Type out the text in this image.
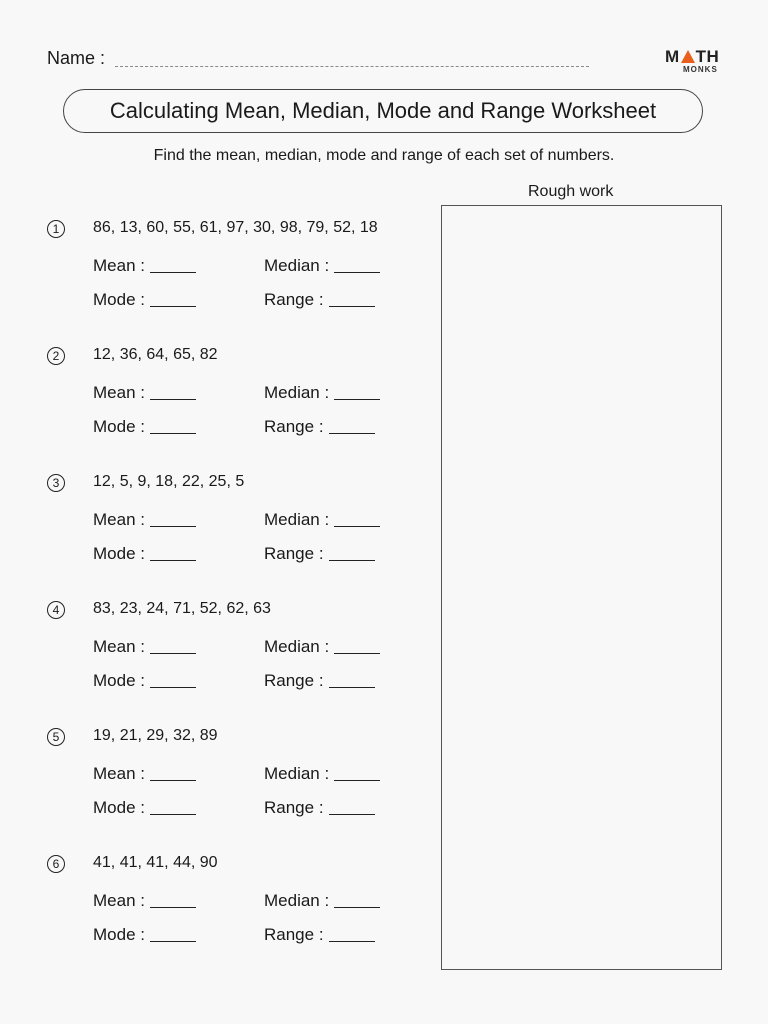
Name :	M TH
MONKS
Calculating Mean, Median, Mode and Range Worksheet
Find the mean, median, mode and range of each set of numbers.
Rough work
1	86, 13, 60, 55, 61, 97, 30, 98, 79, 52, 18
Mean :	Median :
Mode :	Range :
2	12, 36, 64, 65, 82
Mean :	Median :
Mode :	Range :
3	12, 5, 9, 18, 22, 25, 5
Mean :	Median :
Mode :	Range :
4	83, 23, 24, 71, 52, 62, 63
Mean :	Median :
Mode :	Range :
5	19, 21, 29, 32, 89
Mean :	Median :
Mode :	Range :
6	41, 41, 41, 44, 90
Mean :	Median :
Mode :	Range :
